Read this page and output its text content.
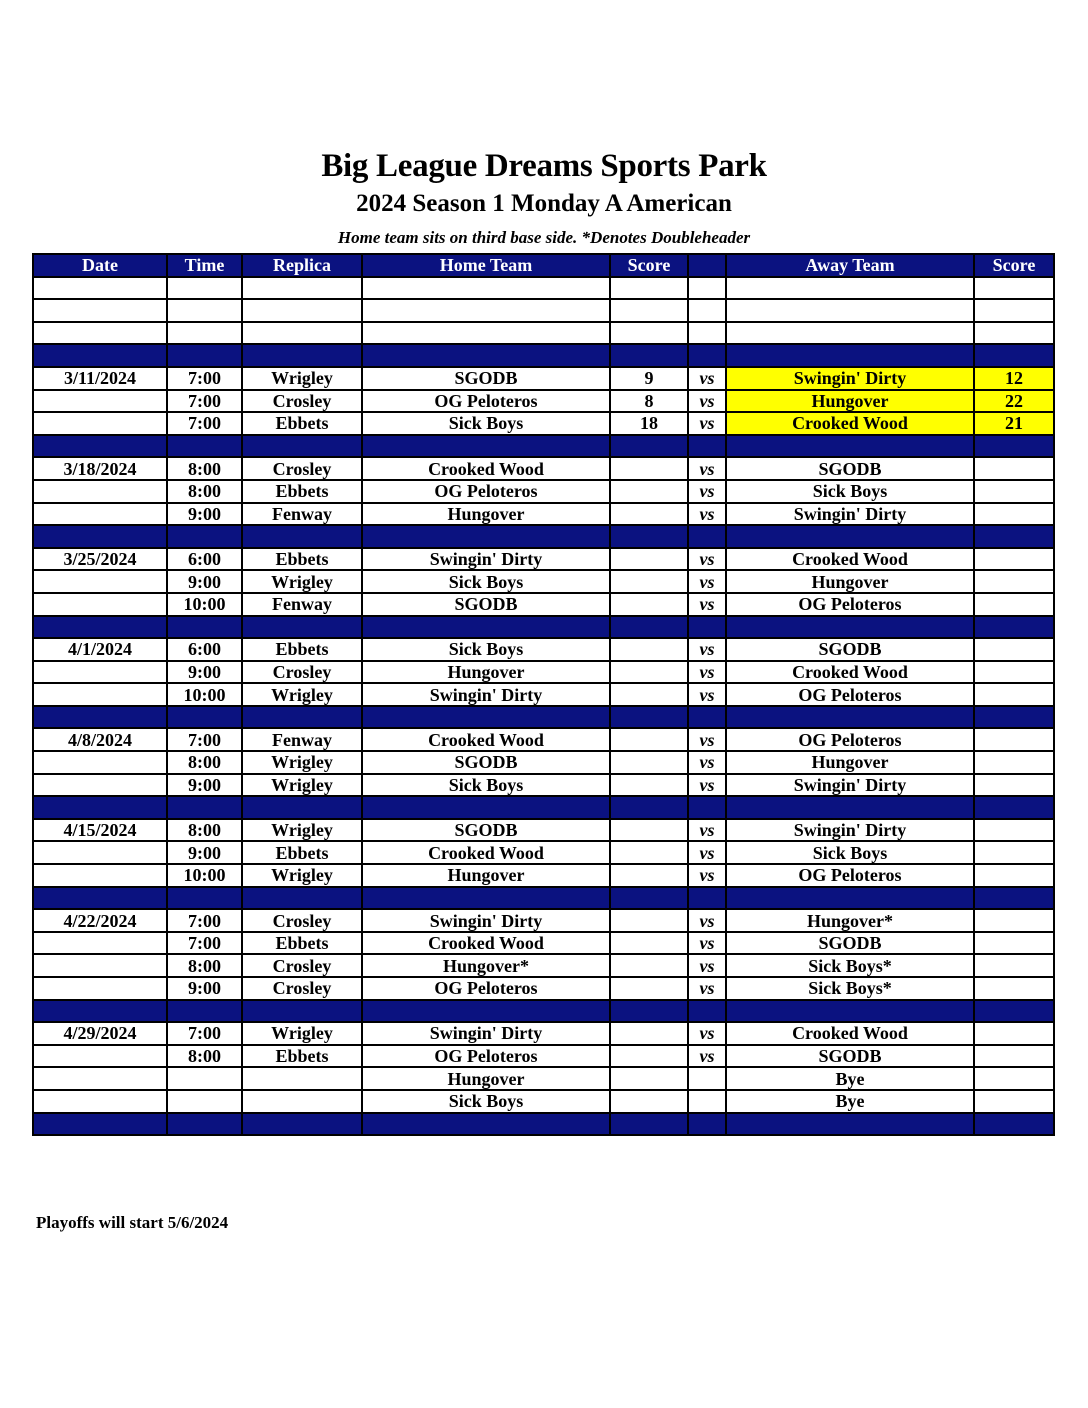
Big League Dreams Sports Park
2024 Season 1 Monday A American
Home team sits on third base side. *Denotes Doubleheader
Date	Time	Replica	Home Team	Score		Away Team	Score

3/11/2024	7:00	Wrigley	SGODB	9	vs	Swingin' Dirty	12
	7:00	Crosley	OG Peloteros	8	vs	Hungover	22
	7:00	Ebbets	Sick Boys	18	vs	Crooked Wood	21

3/18/2024	8:00	Crosley	Crooked Wood		vs	SGODB	
	8:00	Ebbets	OG Peloteros		vs	Sick Boys	
	9:00	Fenway	Hungover		vs	Swingin' Dirty	

3/25/2024	6:00	Ebbets	Swingin' Dirty		vs	Crooked Wood	
	9:00	Wrigley	Sick Boys		vs	Hungover	
	10:00	Fenway	SGODB		vs	OG Peloteros	

4/1/2024	6:00	Ebbets	Sick Boys		vs	SGODB	
	9:00	Crosley	Hungover		vs	Crooked Wood	
	10:00	Wrigley	Swingin' Dirty		vs	OG Peloteros	

4/8/2024	7:00	Fenway	Crooked Wood		vs	OG Peloteros	
	8:00	Wrigley	SGODB		vs	Hungover	
	9:00	Wrigley	Sick Boys		vs	Swingin' Dirty	

4/15/2024	8:00	Wrigley	SGODB		vs	Swingin' Dirty	
	9:00	Ebbets	Crooked Wood		vs	Sick Boys	
	10:00	Wrigley	Hungover		vs	OG Peloteros	

4/22/2024	7:00	Crosley	Swingin' Dirty		vs	Hungover*	
	7:00	Ebbets	Crooked Wood		vs	SGODB	
	8:00	Crosley	Hungover*		vs	Sick Boys*	
	9:00	Crosley	OG Peloteros		vs	Sick Boys*	

4/29/2024	7:00	Wrigley	Swingin' Dirty		vs	Crooked Wood	
	8:00	Ebbets	OG Peloteros		vs	SGODB	
			Hungover			Bye	
			Sick Boys			Bye	

Playoffs will start 5/6/2024
